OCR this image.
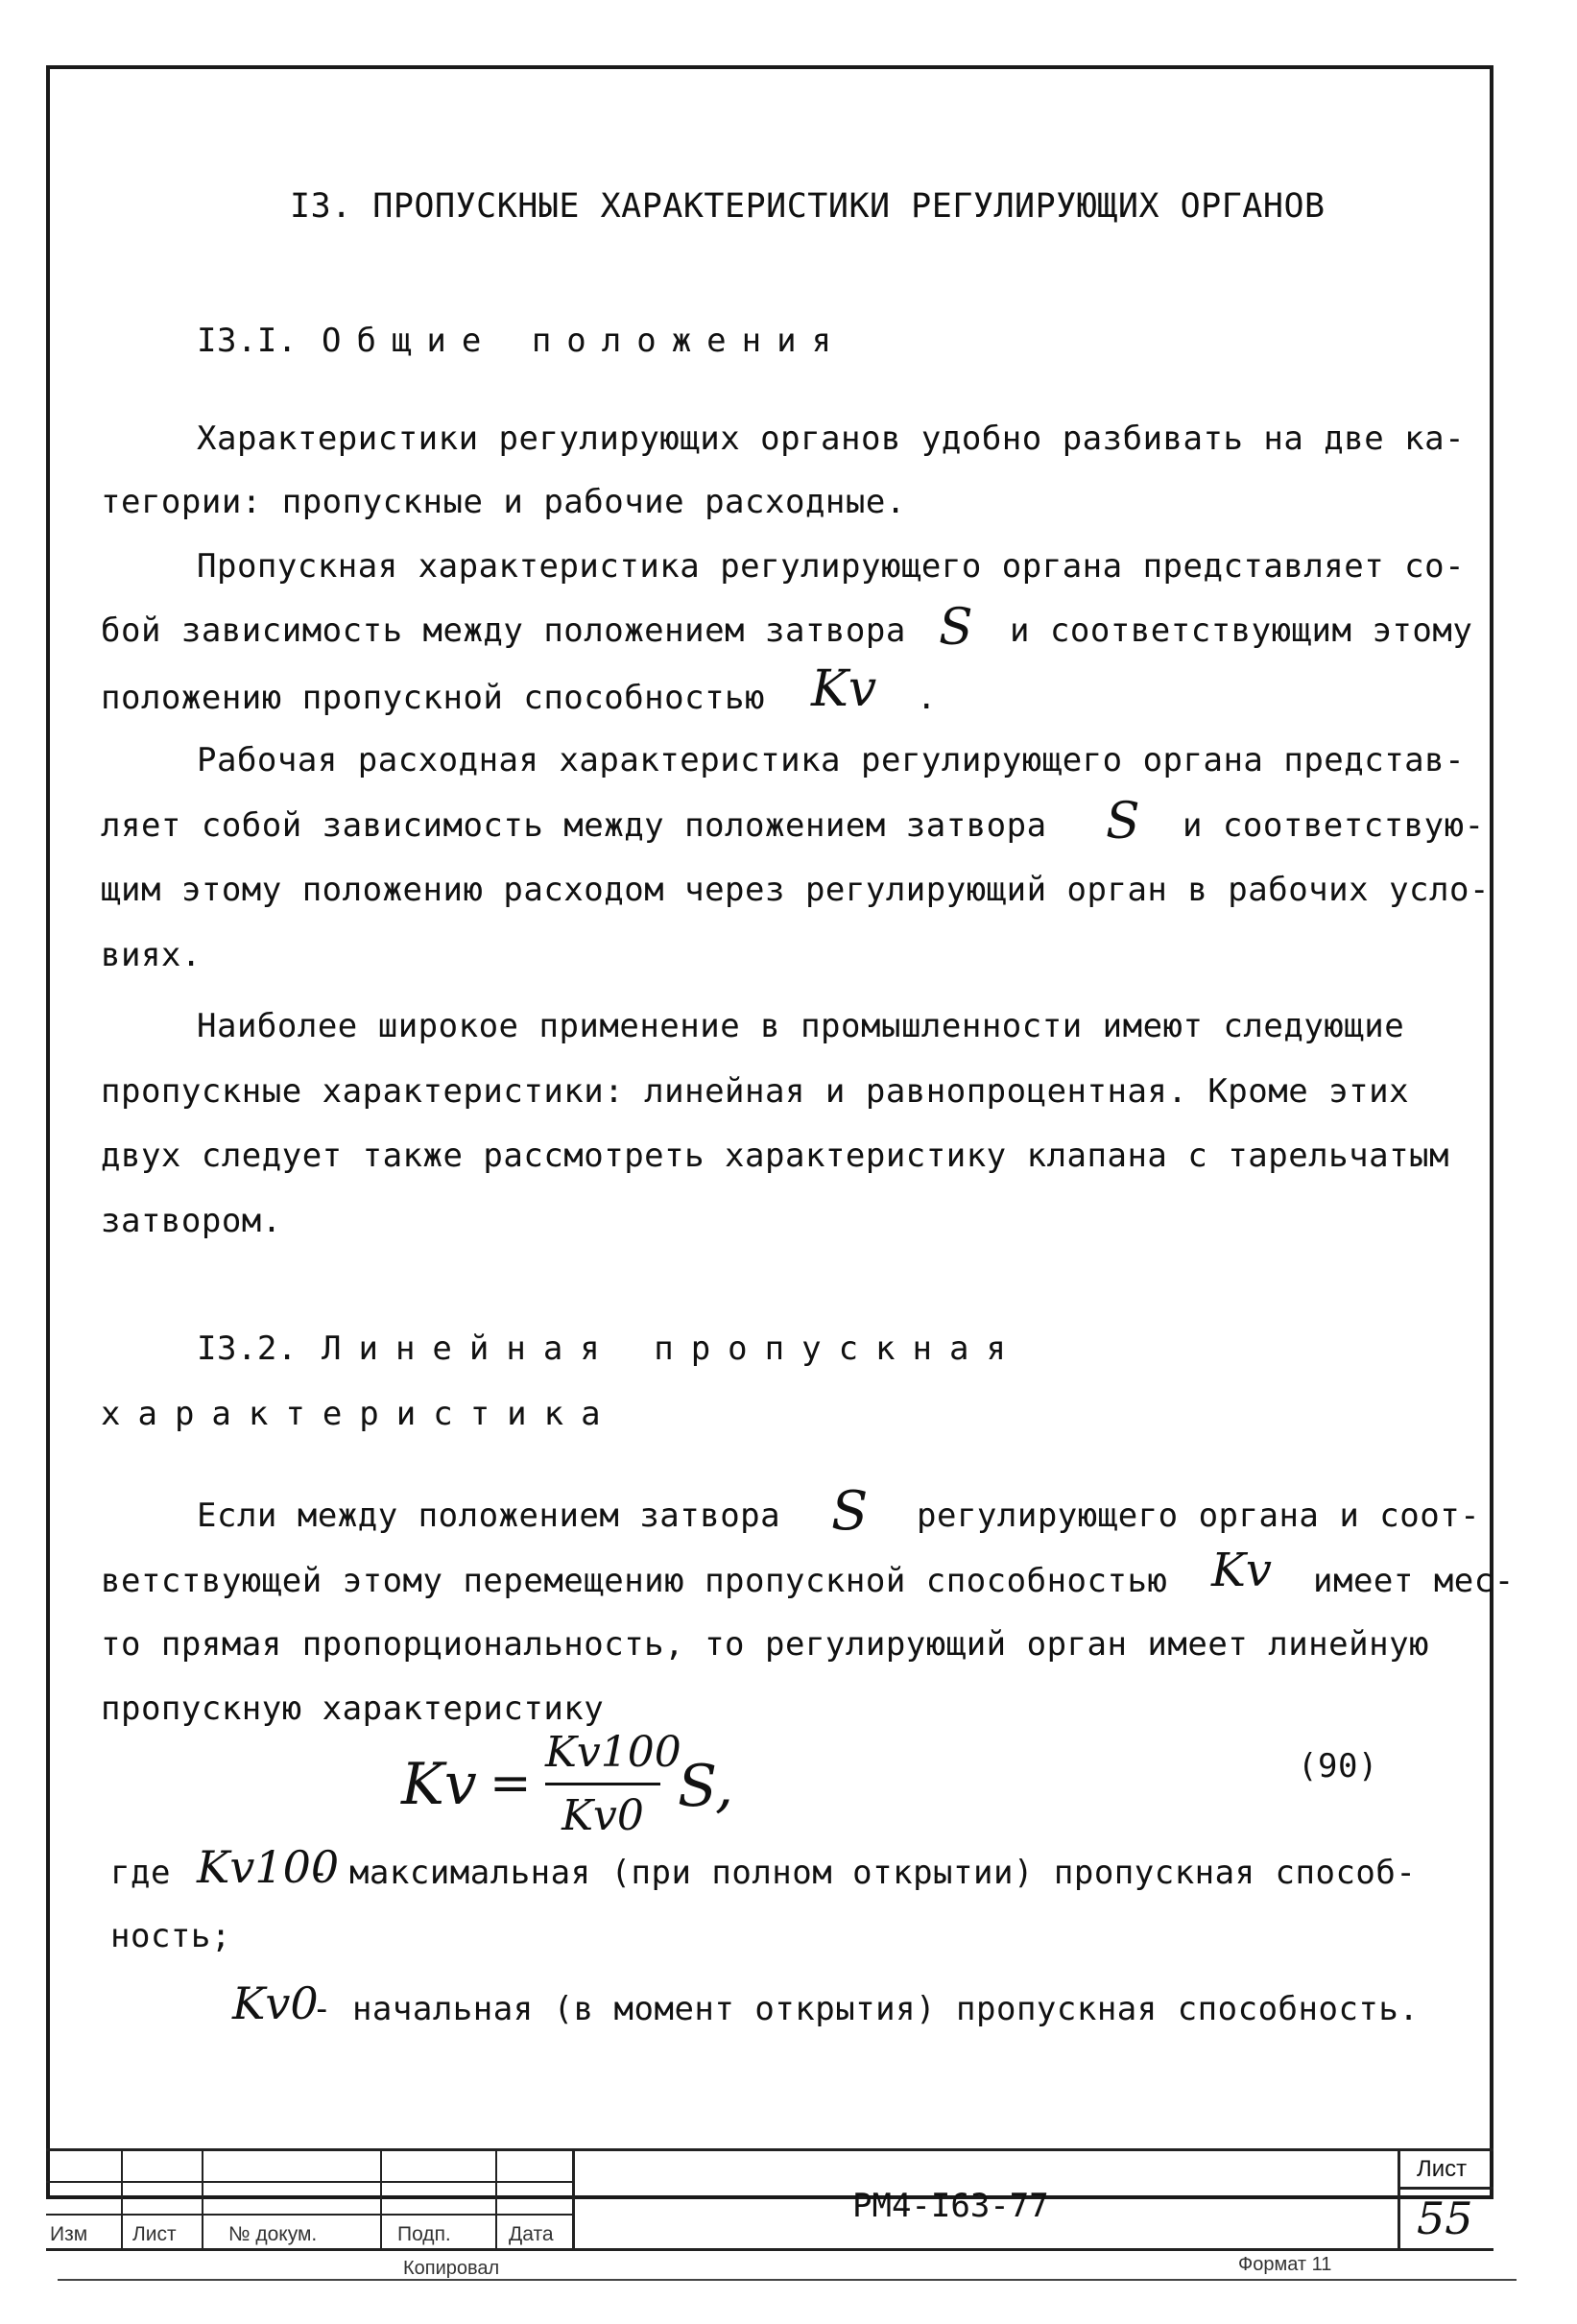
I3. ПРОПУСКНЫЕ ХАРАКТЕРИСТИКИ РЕГУЛИРУЮЩИХ ОРГАНОВ
I3.I. Общие положения
Характеристики регулирующих органов удобно разбивать на две ка-
тегории: пропускные и рабочие расходные.
Пропускная характеристика регулирующего органа представляет со-
бой зависимость между положением затвора S и соответствующим этому
положению пропускной способностью Kv .
Рабочая расходная характеристика регулирующего органа представ-
ляет собой зависимость между положением затвора S и соответствую-
щим этому положению расходом через регулирующий орган в рабочих усло-
виях.
Наиболее широкое применение в промышленности имеют следующие
пропускные характеристики: линейная и равнопроцентная. Кроме этих
двух следует также рассмотреть характеристику клапана с тарельчатым
затвором.
I3.2. Линейная пропускная
характеристика
Если между положением затвора S регулирующего органа и соот-
ветствующей этому перемещению пропускной способностью Kv имеет мес-
то прямая пропорциональность, то регулирующий орган имеет линейную
пропускную характеристику
Kv =
Kv100
Kv0 S,	(90)
где Kv100
- максимальная (при полном открытии) пропускная способ-
ность;
Kv0
- начальная (в момент открытия) пропускная способность.
Изм Лист	№ докум.	Подп.	Дата
РМ4-I63-77
Лист
55
Копировал	Формат 11
